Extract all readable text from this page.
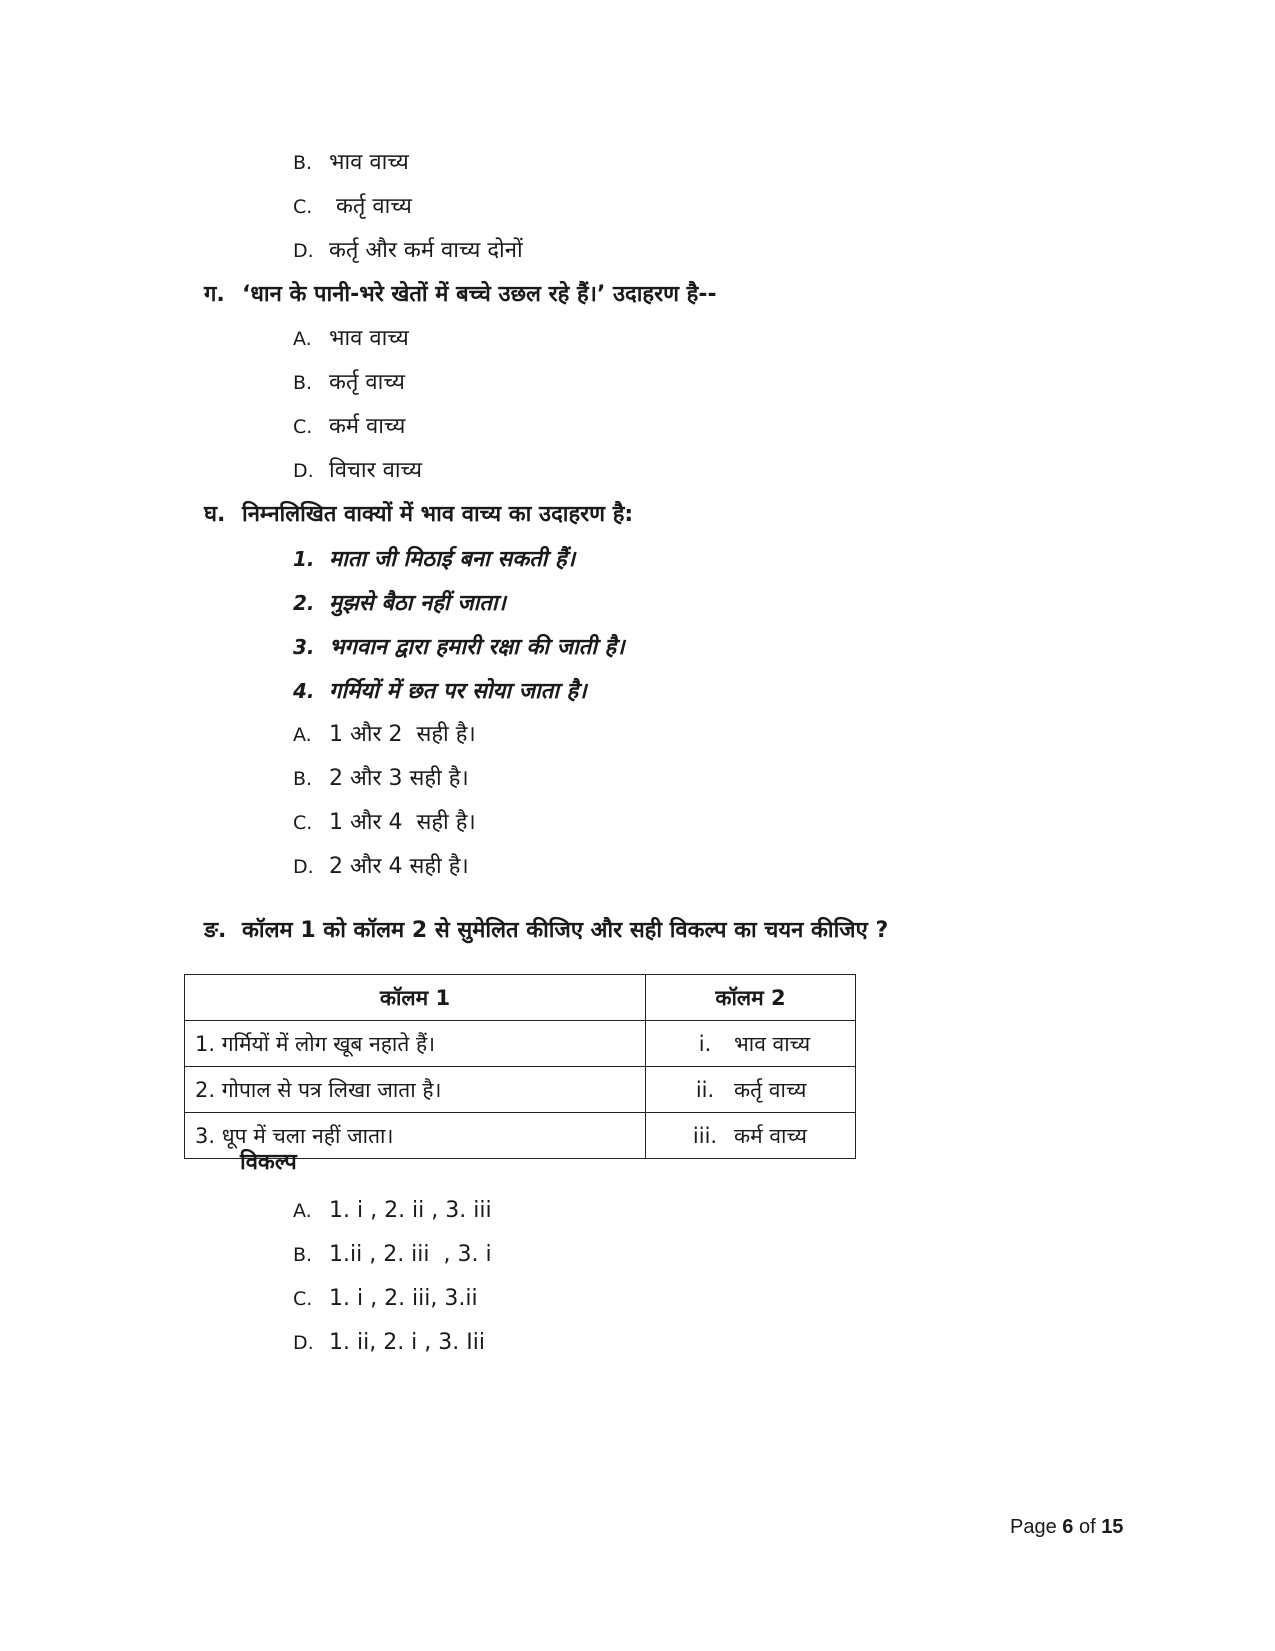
B. भाव वाच्य
C. कर्तृ वाच्य
D. कर्तृ और कर्म वाच्य दोनों
ग. ‘धान के पानी-भरे खेतों में बच्चे उछल रहे हैं।’ उदाहरण है--
A. भाव वाच्य
B. कर्तृ वाच्य
C. कर्म वाच्य
D. विचार वाच्य
घ. निम्नलिखित वाक्यों में भाव वाच्य का उदाहरण है:
1. माता जी मिठाई बना सकती हैं।
2. मुझसे बैठा नहीं जाता।
3. भगवान द्वारा हमारी रक्षा की जाती है।
4. गर्मियों में छत पर सोया जाता है।
A. 1 और 2  सही है।
B. 2 और 3 सही है।
C. 1 और 4  सही है।
D. 2 और 4 सही है।
ङ. कॉलम 1 को कॉलम 2 से सुमेलित कीजिए और सही विकल्प का चयन कीजिए ?
कॉलम 1	कॉलम 2
1. गर्मियों में लोग खूब नहाते हैं।	i. भाव वाच्य
2. गोपाल से पत्र लिखा जाता है।	ii. कर्तृ वाच्य
3. धूप में चला नहीं जाता।	iii. कर्म वाच्य
विकल्प
A. 1. i , 2. ii , 3. iii
B. 1.ii , 2. iii  , 3. i
C. 1. i , 2. iii, 3.ii
D. 1. ii, 2. i , 3. Iii
Page 6 of 15
